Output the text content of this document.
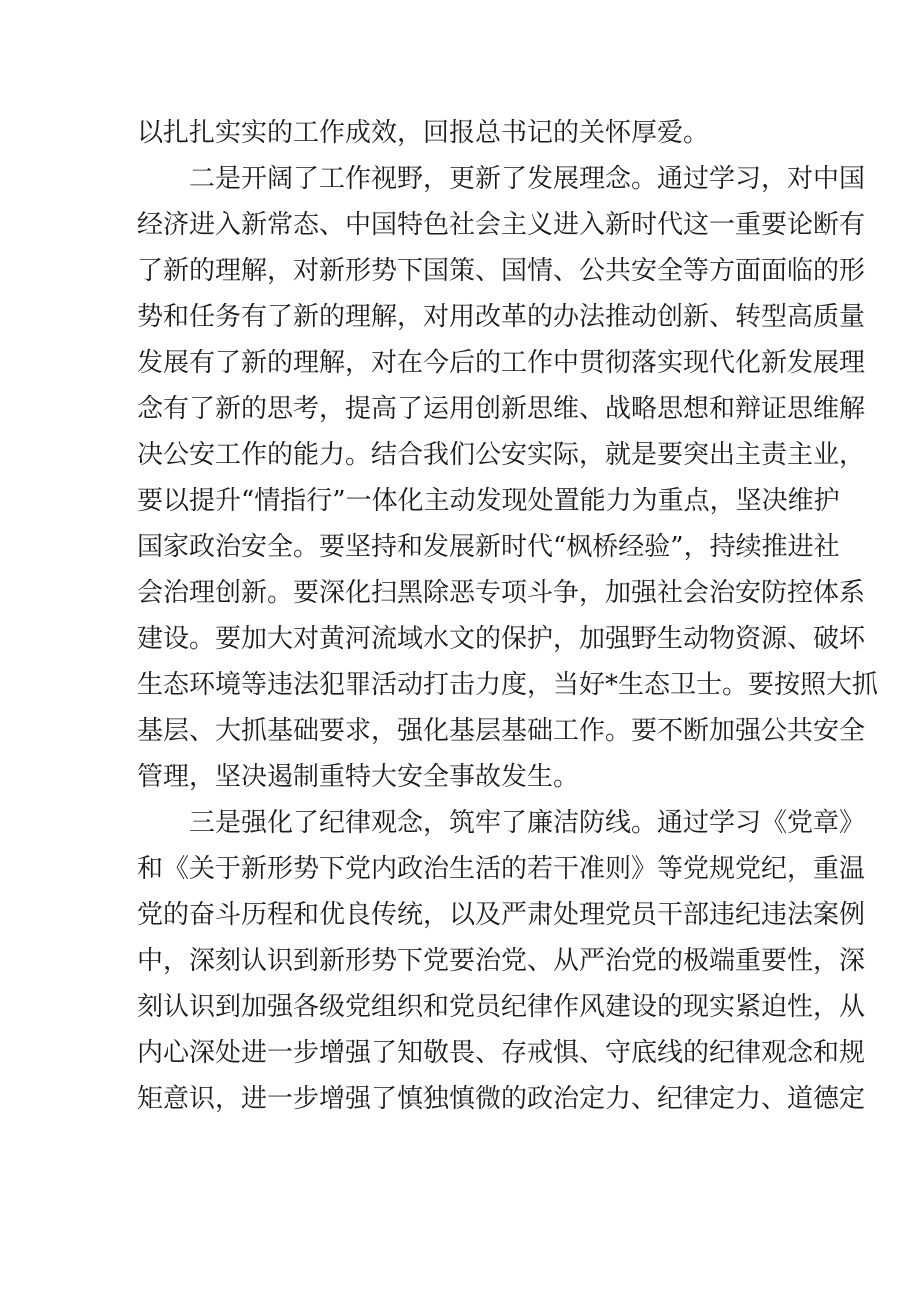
以扎扎实实的工作成效，回报总书记的关怀厚爱。
二是开阔了工作视野，更新了发展理念。通过学习，对中国
经济进入新常态、中国特色社会主义进入新时代这一重要论断有
了新的理解，对新形势下国策、国情、公共安全等方面面临的形
势和任务有了新的理解，对用改革的办法推动创新、转型高质量
发展有了新的理解，对在今后的工作中贯彻落实现代化新发展理
念有了新的思考，提高了运用创新思维、战略思想和辩证思维解
决公安工作的能力。结合我们公安实际，就是要突出主责主业，
要以提升“情指行”一体化主动发现处置能力为重点，坚决维护
国家政治安全。要坚持和发展新时代“枫桥经验”，持续推进社
会治理创新。要深化扫黑除恶专项斗争，加强社会治安防控体系
建设。要加大对黄河流域水文的保护，加强野生动物资源、破坏
生态环境等违法犯罪活动打击力度，当好*生态卫士。要按照大抓
基层、大抓基础要求，强化基层基础工作。要不断加强公共安全
管理，坚决遏制重特大安全事故发生。
三是强化了纪律观念，筑牢了廉洁防线。通过学习《党章》
和《关于新形势下党内政治生活的若干准则》等党规党纪，重温
党的奋斗历程和优良传统，以及严肃处理党员干部违纪违法案例
中，深刻认识到新形势下党要治党、从严治党的极端重要性，深
刻认识到加强各级党组织和党员纪律作风建设的现实紧迫性，从
内心深处进一步增强了知敬畏、存戒惧、守底线的纪律观念和规
矩意识，进一步增强了慎独慎微的政治定力、纪律定力、道德定
